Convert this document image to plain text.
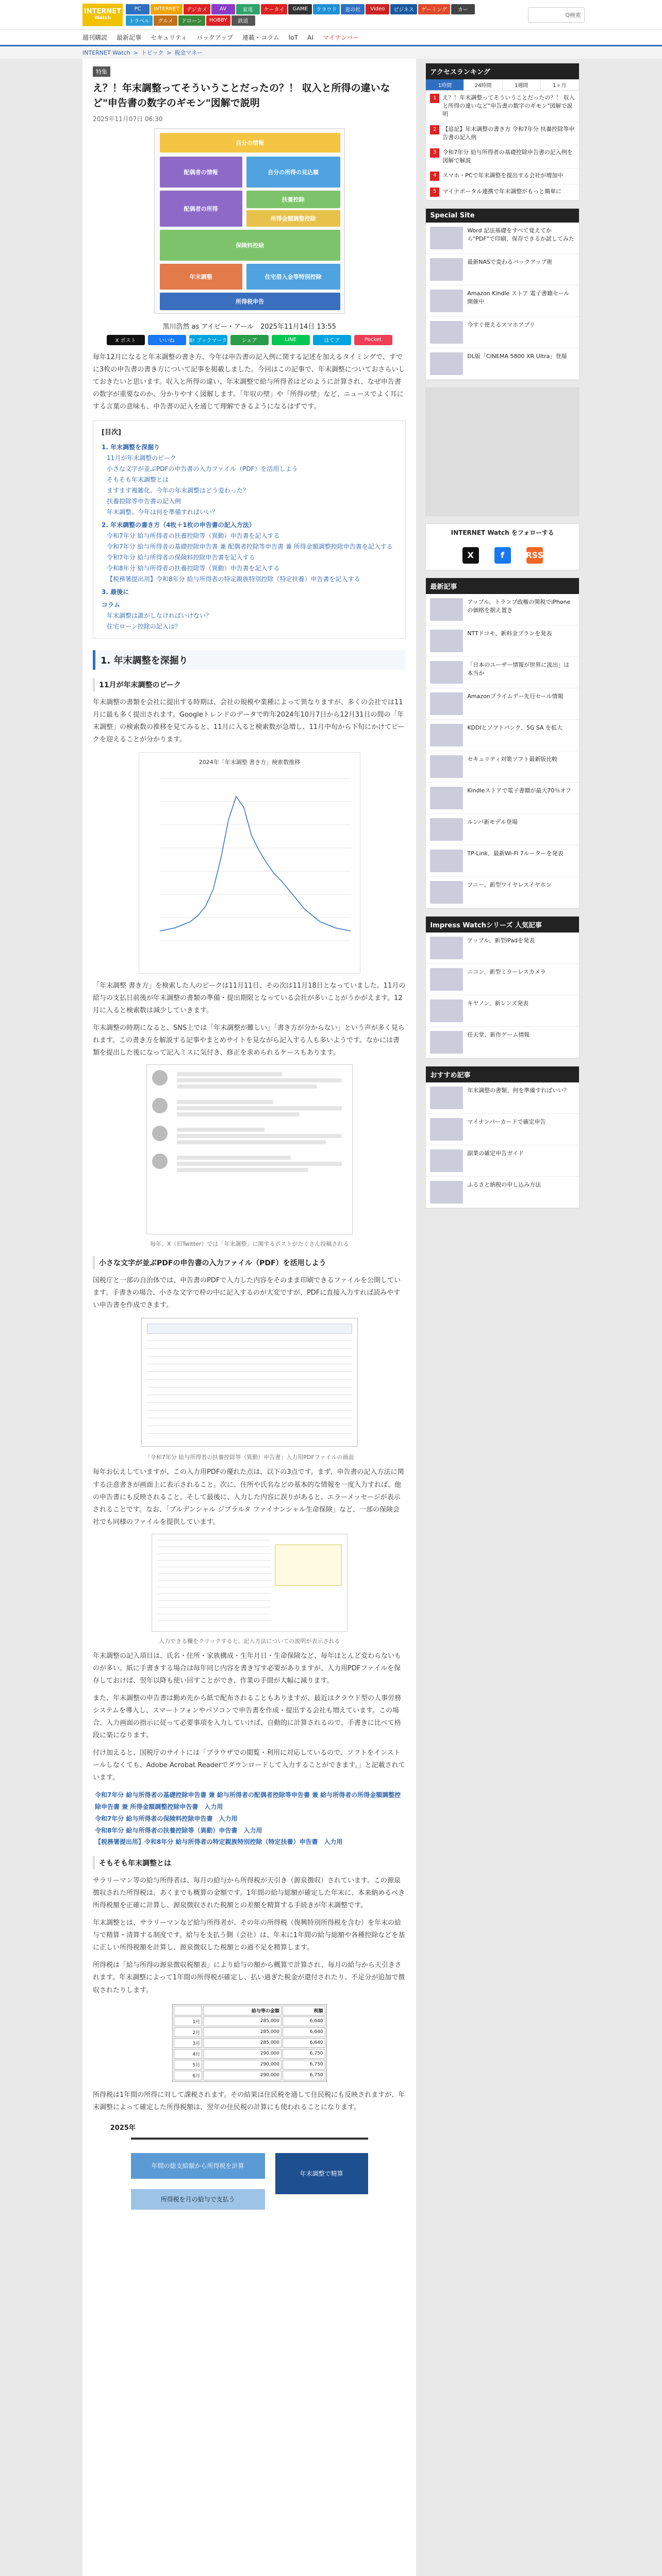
INTERNET
Watch
PC	INTERNET	デジカメ	AV	家電	ケータイ	GAME	クラウド	窓の杜	Video	ビジネス	ゲーミング	カー
トラベル	グルメ	ドローン	HOBBY	鉄道
Q検索
週刊購読 最新記事 セキュリティ バックアップ 連載・コラム IoT AI マイナンバー
INTERNET Watch > トピック > 税金マネー
特集
え？！年末調整ってそういうことだったの？！ 収入と所得の違いなど"申告書の数字のギモン"図解で説明
2025年11月07日 06:30
自分の情報
配偶者の情報	自分の所得の見込額
配偶者の所得
扶養控除
所得金額調整控除
保険料控除
年末調整	住宅借入金等特別控除
所得税申告
黒川浩然 as アイビー・アール　2025年11月14日 13:55
X ポスト	いいね	B! ブックマーク	シェア	LINE	はてブ	Pocket

毎年12月になると年末調整の書き方、今年は申告書の記入例に関する記述を加えるタイミングで、すでに3枚の申告書の書き方について記事を掲載しました。今回はこの記事で、年末調整についておさらいしておきたいと思います。収入と所得の違い、年末調整で給与所得者はどのように計算され、なぜ申告書の数字が重要なのか、分かりやすく図解します。「年収の壁」や「所得の壁」など、ニュースでよく耳にする言葉の意味も、申告書の記入を通じて理解できるようになるはずです。

[目次]
1. 年末調整を深掘り
11月が年末調整のピーク
小さな文字が並ぶPDFの申告書の入力ファイル（PDF）を活用しよう
そもそも年末調整とは
ますます複雑化、今年の年末調整はどう変わった？
扶養控除等申告書の記入例
年末調整、今年は何を準備すればいい？
2. 年末調整の書き方（4枚＋1枚の申告書の記入方法）
令和7年分 給与所得者の扶養控除等（異動）申告書を記入する
令和7年分 給与所得者の基礎控除申告書 兼 配偶者控除等申告書 兼 所得金額調整控除申告書を記入する
令和7年分 給与所得者の保険料控除申告書を記入する
令和8年分 給与所得者の扶養控除等（異動）申告書を記入する
【税務署提出用】令和8年分 給与所得者の特定親族特別控除（特定扶養）申告書を記入する
3. 最後に
コラム
年末調整は誰がしなければいけない？
住宅ローン控除の記入は？
1. 年末調整を深掘り
11月が年末調整のピーク

年末調整の書類を会社に提出する時期は、会社の規模や業種によって異なりますが、多くの会社では11月に最も多く提出されます。Googleトレンドのデータで昨年2024年10月7日から12月31日の間の「年末調整」の検索数の推移を見てみると、11月に入ると検索数が急増し、11月中旬から下旬にかけてピークを迎えることが分かります。

2024年「年末調整 書き方」検索数推移

「年末調整 書き方」を検索した人のピークは11月11日、その次は11月18日となっていました。11月の給与の支払日前後が年末調整の書類の準備・提出期限となっている会社が多いことがうかがえます。12月に入ると検索数は減少していきます。

年末調整の時期になると、SNS上では「年末調整が難しい」「書き方が分からない」という声が多く見られます。この書き方を解説する記事やまとめサイトを見ながら記入する人も多いようです。なかには書類を提出した後になって記入ミスに気付き、修正を求められるケースもあります。

毎年、X（旧Twitter）では「年末調整」に関するポストがたくさん投稿される
小さな文字が並ぶPDFの申告書の入力ファイル（PDF）を活用しよう

国税庁と一部の自治体では、申告書のPDFで入力した内容をそのまま印刷できるファイルを公開しています。手書きの場合、小さな文字で枠の中に記入するのが大変ですが、PDFに直接入力すれば読みやすい申告書を作成できます。

「令和7年分 給与所得者の扶養控除等（異動）申告書」入力用PDFファイルの画面

毎年お伝えしていますが、この入力用PDFの優れた点は、以下の3点です。まず、申告書の記入方法に関する注意書きが画面上に表示されること。次に、住所や氏名などの基本的な情報を一度入力すれば、他の申告書にも反映されること。そして最後に、入力した内容に誤りがあると、エラーメッセージが表示されることです。なお、「ブルデンシャル ジブラルタ ファイナンシャル生命保険」など、一部の保険会社でも同様のファイルを提供しています。

入力できる欄をクリックすると、記入方法についての説明が表示される

年末調整の記入項目は、氏名・住所・家族構成・生年月日・生命保険など、毎年ほとんど変わらないものが多い。紙に手書きする場合は毎年同じ内容を書き写す必要がありますが、入力用PDFファイルを保存しておけば、翌年以降も使い回すことができ、作業の手間が大幅に減ります。

また、年末調整の申告書は勤め先から紙で配布されることもありますが、最近はクラウド型の人事労務システムを導入し、スマートフォンやパソコンで申告書を作成・提出する会社も増えています。この場合、入力画面の指示に従って必要事項を入力していけば、自動的に計算されるので、手書きに比べて格段に楽になります。

付け加えると、国税庁のサイトには「ブラウザでの閲覧・利用に対応しているので、ソフトをインストールしなくても、Adobe Acrobat Readerでダウンロードして入力することができます。」と記載されています。

令和7年分 給与所得者の基礎控除申告書 兼 給与所得者の配偶者控除等申告書 兼 給与所得者の所得金額調整控除申告書 兼 所得金額調整控除申告書　入力用
令和7年分 給与所得者の保険料控除申告書　入力用
令和8年分 給与所得者の扶養控除等（異動）申告書　入力用
【税務署提出用】令和8年分 給与所得者の特定親族特別控除（特定扶養）申告書　入力用
そもそも年末調整とは

サラリーマン等の給与所得者は、毎月の給与から所得税が天引き（源泉徴収）されています。この源泉徴収された所得税は、あくまでも概算の金額です。1年間の給与総額が確定した年末に、本来納めるべき所得税額を正確に計算し、源泉徴収された税額との差額を精算する手続きが年末調整です。

年末調整とは、サラリーマンなど給与所得者が、その年の所得税（復興特別所得税を含む）を年末の給与で精算・清算する制度です。給与を支払う側（会社）は、年末に1年間の給与総額や各種控除などを基に正しい所得税額を計算し、源泉徴収した税額との過不足を精算します。

所得税は「給与所得の源泉徴収税額表」により給与の額から概算で計算され、毎月の給与から天引きされます。年末調整によって1年間の所得税が確定し、払い過ぎた税金が還付されたり、不足分が追加で徴収されたりします。

	給与等の金額	税額
1月	285,000	6,640
2月	285,000	6,640
3月	285,000	6,640
4月	290,000	6,750
5月	290,000	6,750
6月	290,000	6,750

所得税は1年間の所得に対して課税されます。その結果は住民税を通して住民税にも反映されますが、年末調整によって確定した所得税額は、翌年の住民税の計算にも使われることになります。

2025年
年間の総支給額から所得税を計算
年末調整で精算
所得税を月の給与で支払う
アクセスランキング
1時間	24時間	1週間	1ヶ月
1	え？！年末調整ってそういうことだったの？！ 収入と所得の違いなど"申告書の数字のギモン"図解で説明
2	【追記】年末調整の書き方 令和7年分 扶養控除等申告書の記入例
3	令和7年分 給与所得者の基礎控除申告書の記入例を図解で解説
4	スマホ・PCで年末調整を提出する会社が増加中
5	マイナポータル連携で年末調整がもっと簡単に
Special Site
Word 記法基礎をすべて覚えてから"PDF"で印刷、保存できるか試してみた
最新NASで変わるバックアップ術
Amazon Kindle ストア 電子書籍セール開催中
今すぐ使えるスマホアプリ
DL版「CINEMA 5800 XR Ultra」登場
INTERNET Watch をフォローする
X	f	RSS
最新記事
アップル、トランプ政権の関税でiPhoneの価格を据え置き
NTTドコモ、新料金プランを発表
「日本のユーザー情報が世界に流出」は本当か
Amazonプライムデー先行セール情報
KDDIとソフトバンク、5G SA を拡大
セキュリティ対策ソフト最新版比較
Kindleストアで電子書籍が最大70％オフ
ルンバ新モデル登場
TP-Link、最新Wi-Fi 7ルーターを発表
ソニー、新型ワイヤレスイヤホン
Impress Watchシリーズ 人気記事
アップル、新型iPadを発表
ニコン、新型ミラーレスカメラ
キヤノン、新レンズ発表
任天堂、新作ゲーム情報
おすすめ記事
年末調整の書類、何を準備すればいい？
マイナンバーカードで確定申告
副業の確定申告ガイド
ふるさと納税の申し込み方法
